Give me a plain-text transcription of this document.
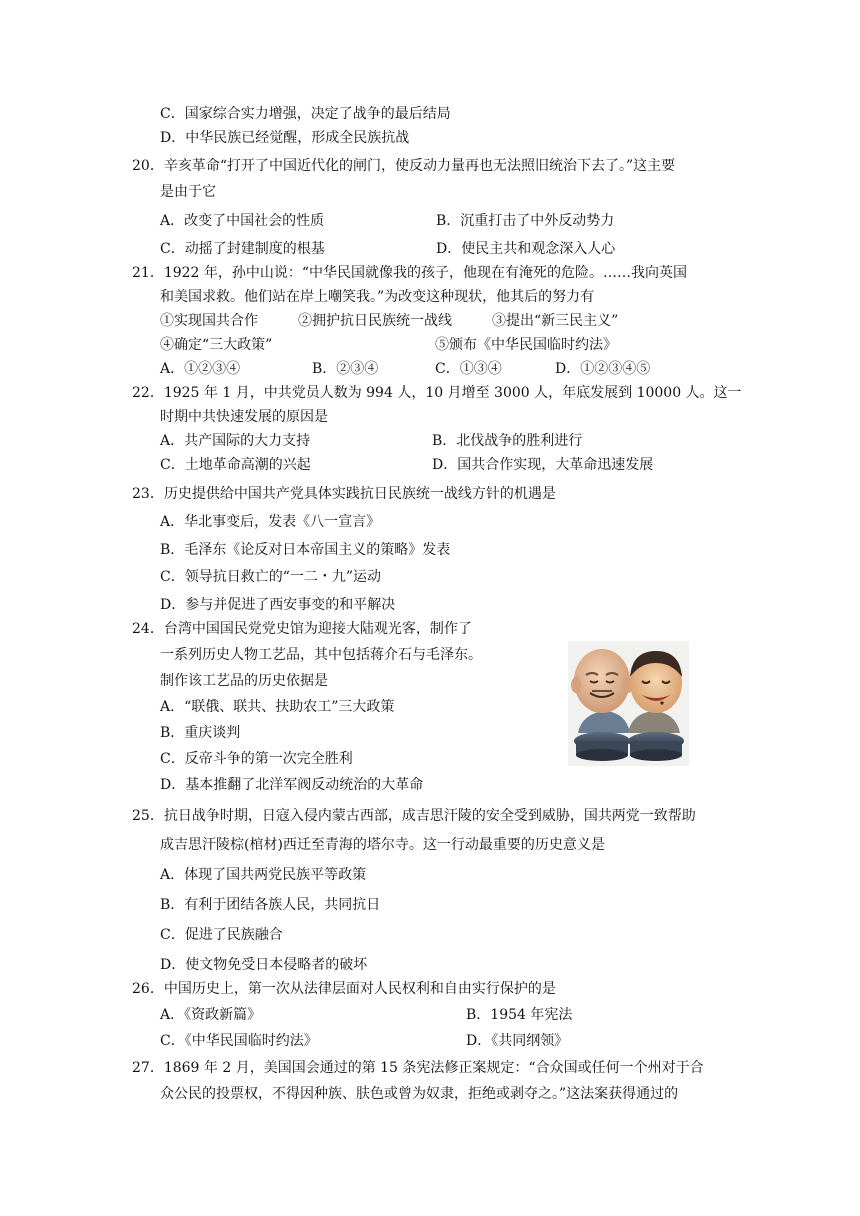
C．国家综合实力增强，决定了战争的最后结局
D．中华民族已经觉醒，形成全民族抗战
20．辛亥革命“打开了中国近代化的闸门，使反动力量再也无法照旧统治下去了。”这主要
是由于它
A．改变了中国社会的性质	B．沉重打击了中外反动势力
C．动摇了封建制度的根基	D．使民主共和观念深入人心
21．1922 年，孙中山说：“中华民国就像我的孩子，他现在有淹死的危险。……我向英国
和美国求救。他们站在岸上嘲笑我。”为改变这种现状，他其后的努力有
①实现国共合作	②拥护抗日民族统一战线	③提出“新三民主义”
④确定“三大政策”	⑤颁布《中华民国临时约法》
A．①②③④	B．②③④	C．①③④	D．①②③④⑤
22．1925 年 1 月，中共党员人数为 994 人，10 月增至 3000 人，年底发展到 10000 人。这一
时期中共快速发展的原因是
A．共产国际的大力支持	B．北伐战争的胜利进行
C．土地革命高潮的兴起	D．国共合作实现，大革命迅速发展
23．历史提供给中国共产党具体实践抗日民族统一战线方针的机遇是
A．华北事变后，发表《八一宣言》
B．毛泽东《论反对日本帝国主义的策略》发表
C．领导抗日救亡的“一二・九”运动
D．参与并促进了西安事变的和平解决
24．台湾中国国民党党史馆为迎接大陆观光客，制作了
一系列历史人物工艺品，其中包括蒋介石与毛泽东。
制作该工艺品的历史依据是
A．“联俄、联共、扶助农工”三大政策
B．重庆谈判
C．反帝斗争的第一次完全胜利
D．基本推翻了北洋军阀反动统治的大革命
25．抗日战争时期，日寇入侵内蒙古西部，成吉思汗陵的安全受到威胁，国共两党一致帮助
成吉思汗陵棕(棺材)西迁至青海的塔尔寺。这一行动最重要的历史意义是
A．体现了国共两党民族平等政策
B．有利于团结各族人民，共同抗日
C．促进了民族融合
D．使文物免受日本侵略者的破坏
26．中国历史上，第一次从法律层面对人民权利和自由实行保护的是
A．《资政新篇》	B．1954 年宪法
C．《中华民国临时约法》	D．《共同纲领》
27．1869 年 2 月，美国国会通过的第 15 条宪法修正案规定：“合众国或任何一个州对于合
众公民的投票权，不得因种族、肤色或曾为奴隶，拒绝或剥夺之。”这法案获得通过的
